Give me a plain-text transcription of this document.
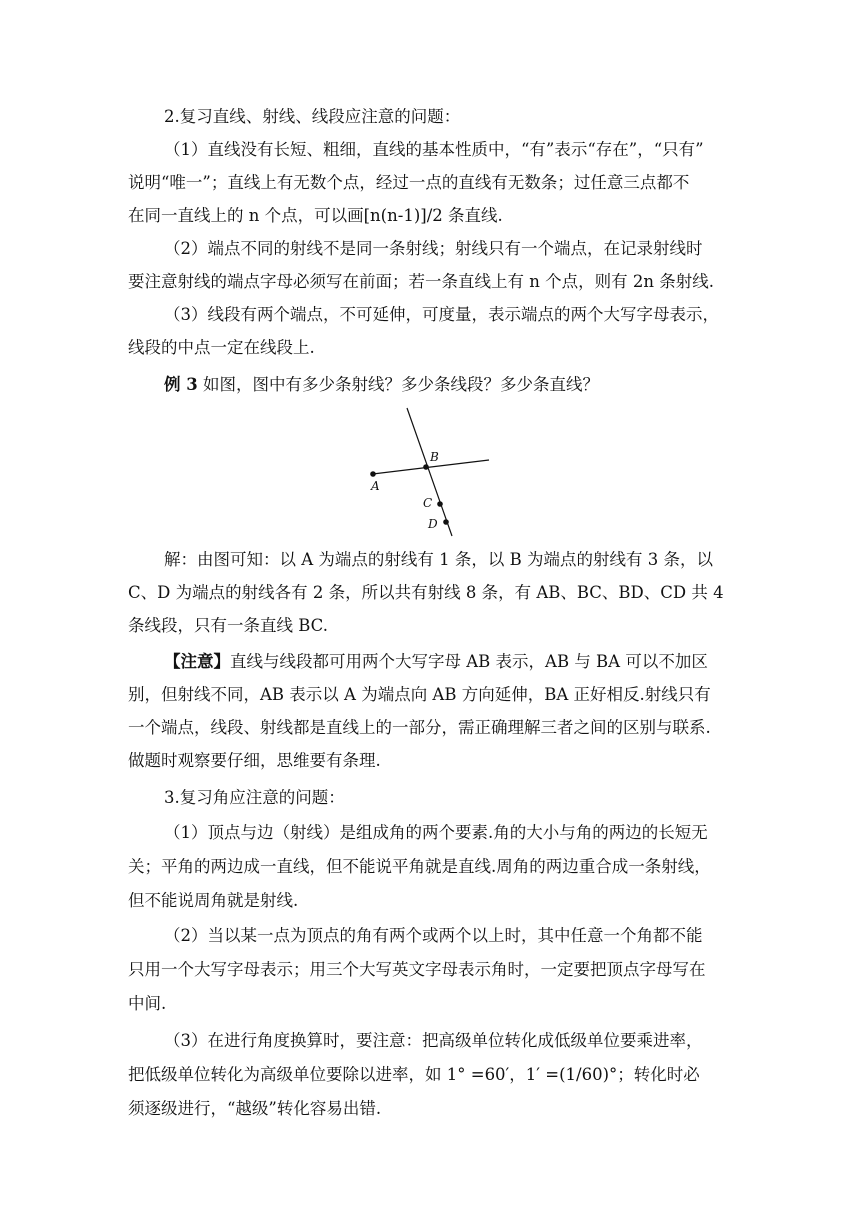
2.复习直线、射线、线段应注意的问题：
（1）直线没有长短、粗细，直线的基本性质中，“有”表示“存在”，“只有”
说明“唯一”；直线上有无数个点，经过一点的直线有无数条；过任意三点都不
在同一直线上的 n 个点，可以画[n(n-1)]/2 条直线.
（2）端点不同的射线不是同一条射线；射线只有一个端点，在记录射线时
要注意射线的端点字母必须写在前面；若一条直线上有 n 个点，则有 2n 条射线.
（3）线段有两个端点，不可延伸，可度量，表示端点的两个大写字母表示，
线段的中点一定在线段上.
例 3 如图，图中有多少条射线？多少条线段？多少条直线？
A
B
C
D
解：由图可知：以 A 为端点的射线有 1 条，以 B 为端点的射线有 3 条，以
C、D 为端点的射线各有 2 条，所以共有射线 8 条，有 AB、BC、BD、CD 共 4
条线段，只有一条直线 BC.
【注意】直线与线段都可用两个大写字母 AB 表示，AB 与 BA 可以不加区
别，但射线不同，AB 表示以 A 为端点向 AB 方向延伸，BA 正好相反.射线只有
一个端点，线段、射线都是直线上的一部分，需正确理解三者之间的区别与联系.
做题时观察要仔细，思维要有条理.
3.复习角应注意的问题：
（1）顶点与边（射线）是组成角的两个要素.角的大小与角的两边的长短无
关；平角的两边成一直线，但不能说平角就是直线.周角的两边重合成一条射线，
但不能说周角就是射线.
（2）当以某一点为顶点的角有两个或两个以上时，其中任意一个角都不能
只用一个大写字母表示；用三个大写英文字母表示角时，一定要把顶点字母写在
中间.
（3）在进行角度换算时，要注意：把高级单位转化成低级单位要乘进率，
把低级单位转化为高级单位要除以进率，如 1° =60′，1′ =(1/60)°；转化时必
须逐级进行，“越级”转化容易出错.
